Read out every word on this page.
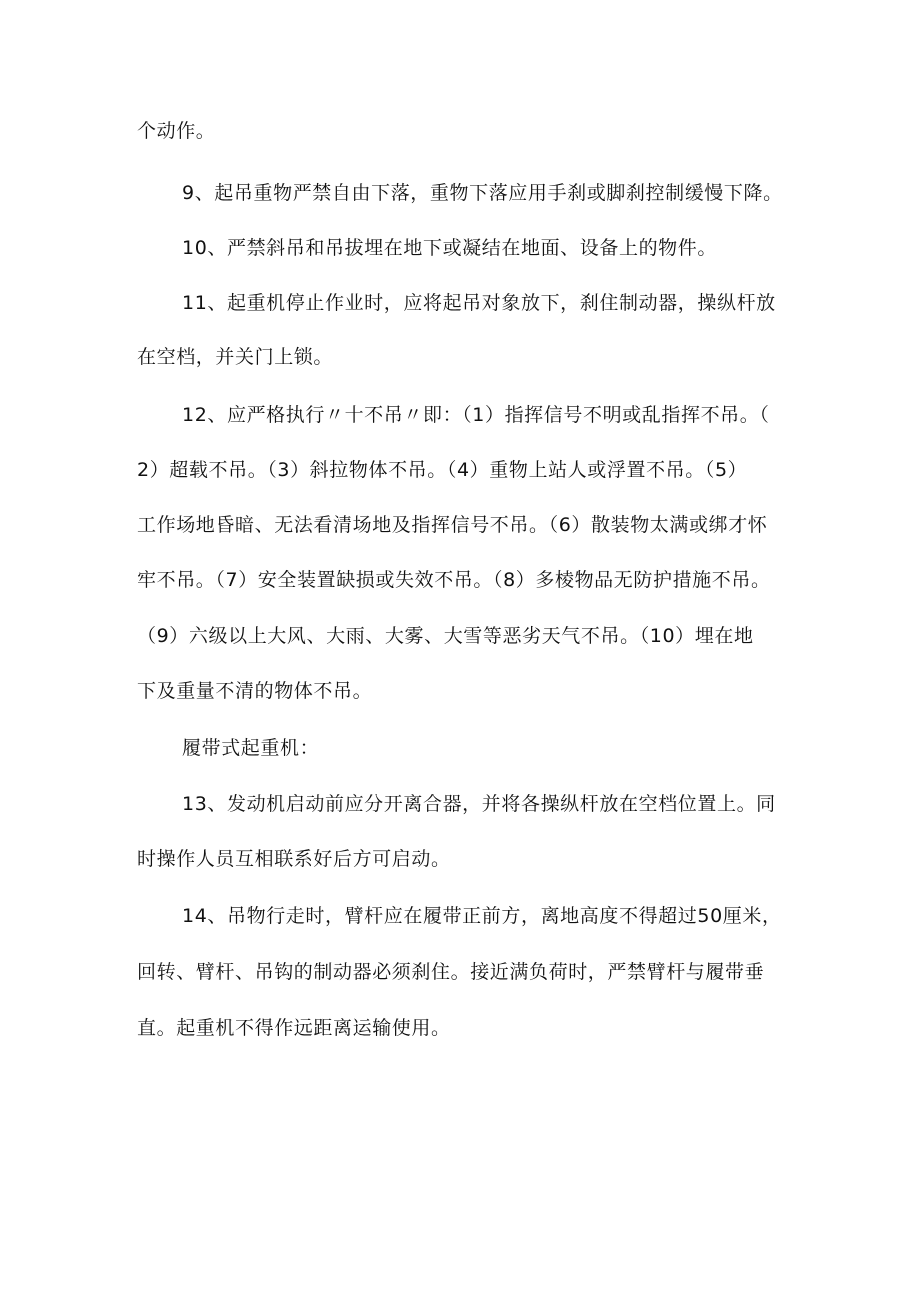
个动作。
9、起吊重物严禁自由下落，重物下落应用手刹或脚刹控制缓慢下降。
10、严禁斜吊和吊拔埋在地下或凝结在地面、设备上的物件。
11、起重机停止作业时，应将起吊对象放下，刹住制动器，操纵杆放
在空档，并关门上锁。
12、应严格执行〃十不吊〃即：（1）指挥信号不明或乱指挥不吊。（
2）超载不吊。（3）斜拉物体不吊。（4）重物上站人或浮置不吊。（5）
工作场地昏暗、无法看清场地及指挥信号不吊。（6）散装物太满或绑才怀
牢不吊。（7）安全装置缺损或失效不吊。（8）多棱物品无防护措施不吊。
（9）六级以上大风、大雨、大雾、大雪等恶劣天气不吊。（10）埋在地
下及重量不清的物体不吊。
履带式起重机：
13、发动机启动前应分开离合器，并将各操纵杆放在空档位置上。同
时操作人员互相联系好后方可启动。
14、吊物行走时，臂杆应在履带正前方，离地高度不得超过50厘米，
回转、臂杆、吊钩的制动器必须刹住。接近满负荷时，严禁臂杆与履带垂
直。起重机不得作远距离运输使用。
